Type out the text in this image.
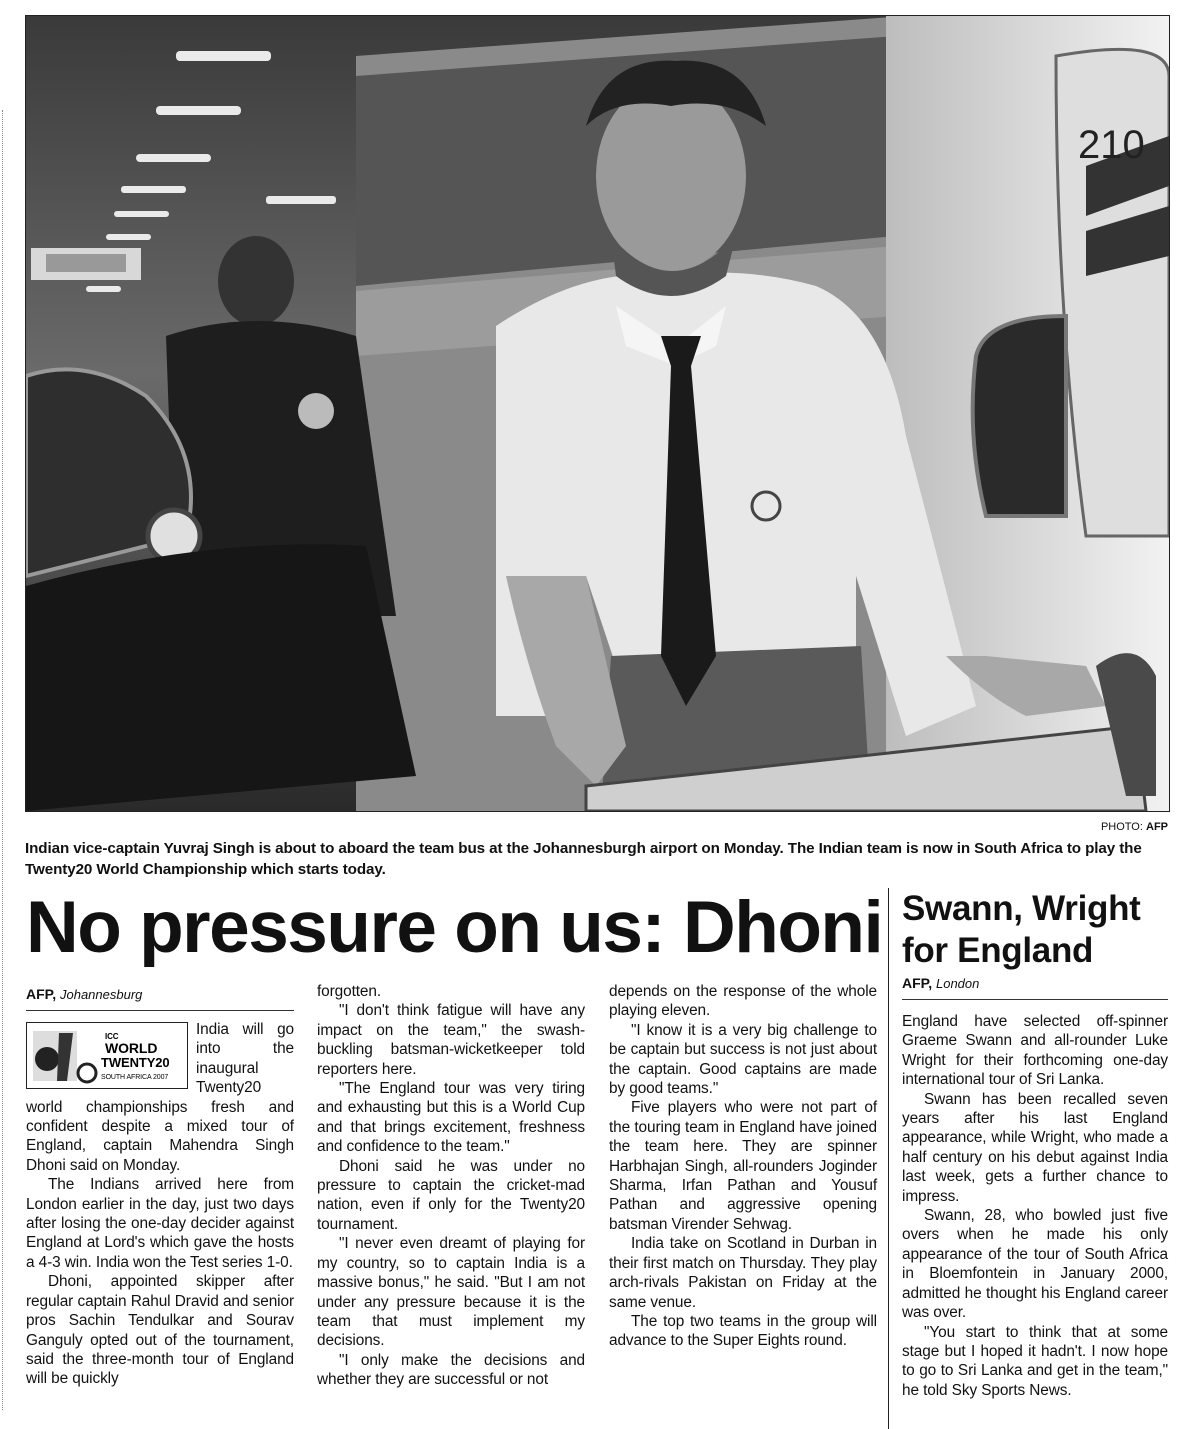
210
PHOTO: AFP
Indian vice-captain Yuvraj Singh is about to aboard the team bus at the Johannesburgh airport on Monday. The Indian team is now in South Africa to play the Twenty20 World Championship which starts today.
No pressure on us: Dhoni
AFP, Johannesburg
ICC
WORLD
TWENTY20
SOUTH AFRICA 2007

India will go into the inaugural Twenty20 world championships fresh and confident despite a mixed tour of England, captain Mahendra Singh Dhoni said on Monday.

The Indians arrived here from London earlier in the day, just two days after losing the one-day decider against England at Lord's which gave the hosts a 4-3 win. India won the Test series 1-0.

Dhoni, appointed skipper after regular captain Rahul Dravid and senior pros Sachin Tendulkar and Sourav Ganguly opted out of the tournament, said the three-month tour of England will be quickly

forgotten.

"I don't think fatigue will have any impact on the team," the swash-buckling batsman-wicketkeeper told reporters here.

"The England tour was very tiring and exhausting but this is a World Cup and that brings excitement, freshness and confidence to the team."

Dhoni said he was under no pressure to captain the cricket-mad nation, even if only for the Twenty20 tournament.

"I never even dreamt of playing for my country, so to captain India is a massive bonus," he said. "But I am not under any pressure because it is the team that must implement my decisions.

"I only make the decisions and whether they are successful or not

depends on the response of the whole playing eleven.

"I know it is a very big challenge to be captain but success is not just about the captain. Good captains are made by good teams."

Five players who were not part of the touring team in England have joined the team here. They are spinner Harbhajan Singh, all-rounders Joginder Sharma, Irfan Pathan and Yousuf Pathan and aggressive opening batsman Virender Sehwag.

India take on Scotland in Durban in their first match on Thursday. They play arch-rivals Pakistan on Friday at the same venue.

The top two teams in the group will advance to the Super Eights round.

Swann, Wright for England
AFP, London

England have selected off-spinner Graeme Swann and all-rounder Luke Wright for their forthcoming one-day international tour of Sri Lanka.

Swann has been recalled seven years after his last England appearance, while Wright, who made a half century on his debut against India last week, gets a further chance to impress.

Swann, 28, who bowled just five overs when he made his only appearance of the tour of South Africa in Bloemfontein in January 2000, admitted he thought his England career was over.

"You start to think that at some stage but I hoped it hadn't. I now hope to go to Sri Lanka and get in the team," he told Sky Sports News.
